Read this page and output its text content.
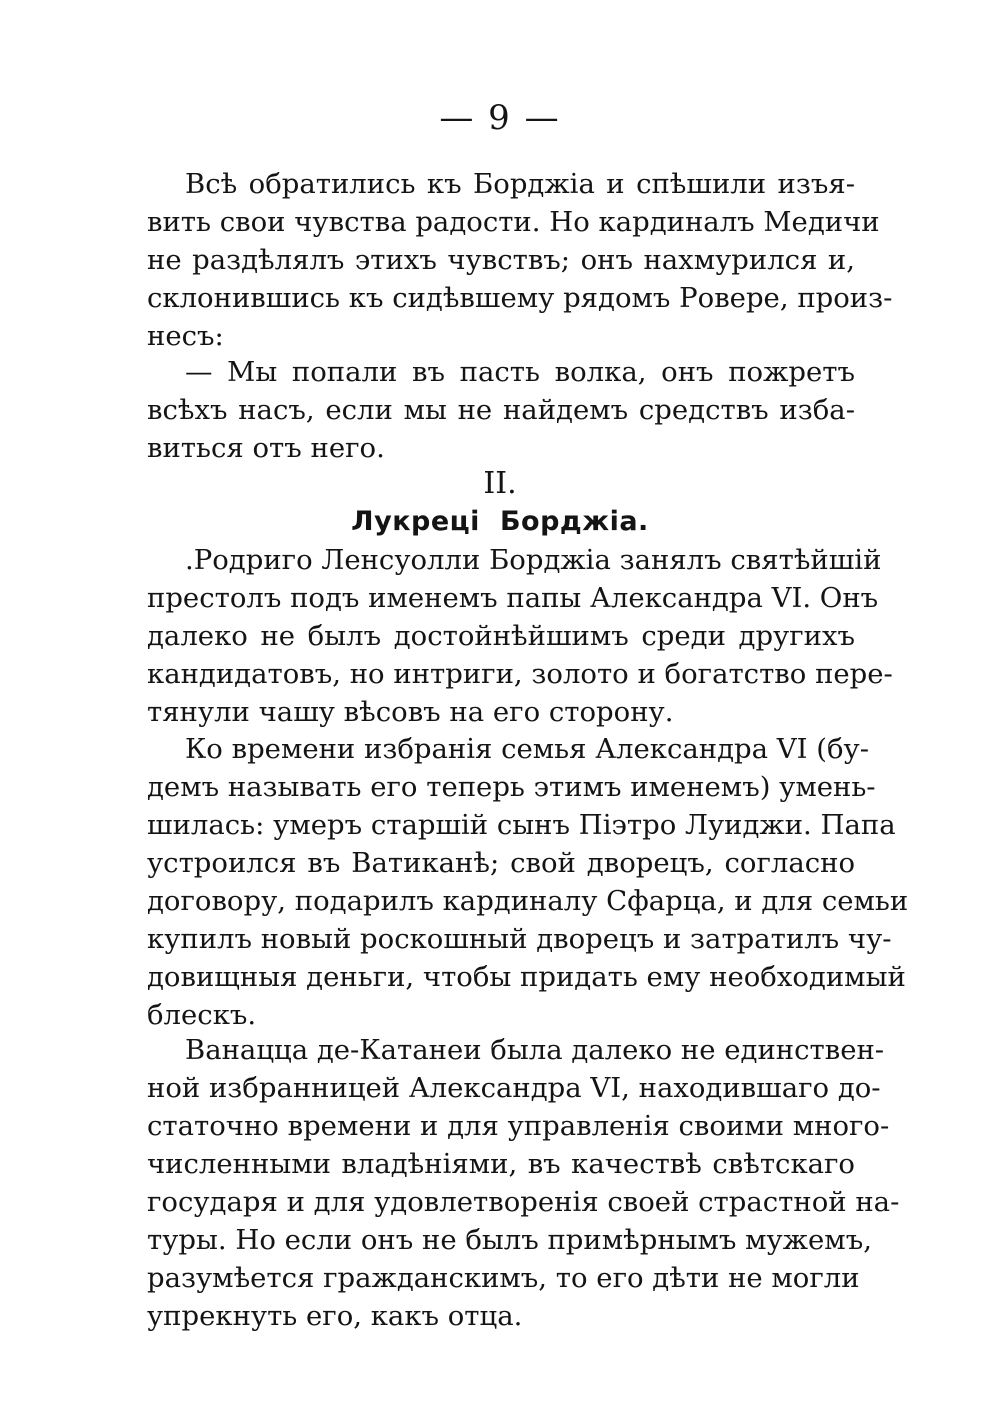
— 9 —
Всѣ обратились къ Борджіа и спѣшили изъя-
вить свои чувства радости. Но кардиналъ Медичи
не раздѣлялъ этихъ чувствъ; онъ нахмурился и,
склонившись къ сидѣвшему рядомъ Ровере, произ-
несъ:
— Мы попали въ пасть волка, онъ пожретъ
всѣхъ насъ, если мы не найдемъ средствъ изба-
виться отъ него.
II.
Лукреці Борджіа.
.Родриго Ленсуолли Борджіа занялъ святѣйшій
престолъ подъ именемъ папы Александра VI. Онъ
далеко не былъ достойнѣйшимъ среди другихъ
кандидатовъ, но интриги, золото и богатство пере-
тянули чашу вѣсовъ на его сторону.
Ко времени избранія семья Александра VI (бу-
демъ называть его теперь этимъ именемъ) умень-
шилась: умеръ старшій сынъ Піэтро Луиджи. Папа
устроился въ Ватиканѣ; свой дворецъ, согласно
договору, подарилъ кардиналу Сфарца, и для семьи
купилъ новый роскошный дворецъ и затратилъ чу-
довищныя деньги, чтобы придать ему необходимый
блескъ.
Ванацца де-Катанеи была далеко не единствен-
ной избранницей Александра VI, находившаго до-
статочно времени и для управленія своими много-
численными владѣніями, въ качествѣ свѣтскаго
государя и для удовлетворенія своей страстной на-
туры. Но если онъ не былъ примѣрнымъ мужемъ,
разумѣется гражданскимъ, то его дѣти не могли
упрекнуть его, какъ отца.
